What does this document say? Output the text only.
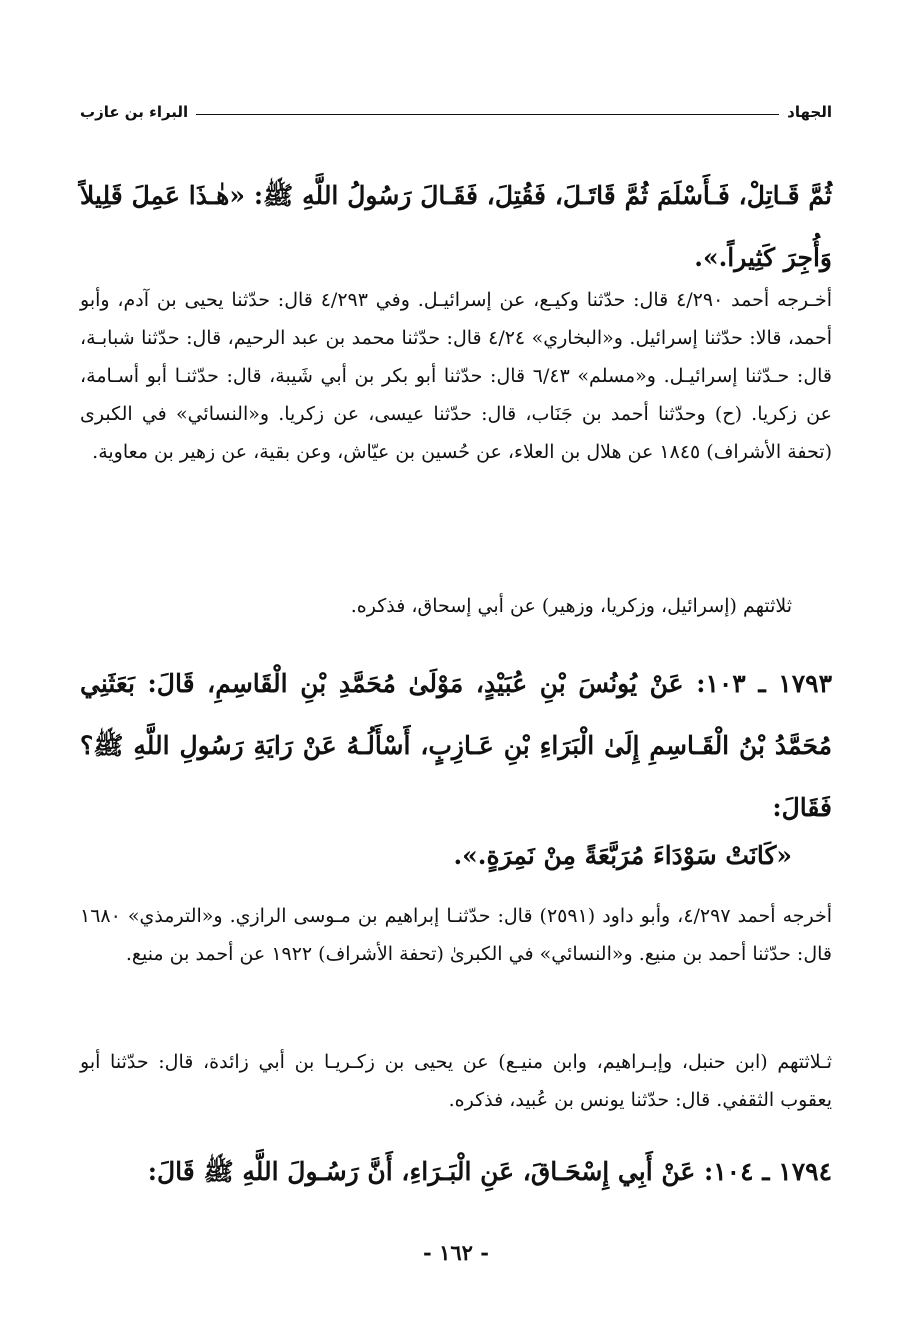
الجهاد
البراء بن عازب

ثُمَّ قَـاتِلْ، فَـأَسْلَمَ ثُمَّ قَاتَـلَ، فَقُتِلَ، فَقَـالَ رَسُولُ اللَّهِ ﷺ: «هٰـذَا عَمِلَ قَلِيلاً وَأُجِرَ كَثِيراً.».

أخـرجه أحمد ٤/٢٩٠ قال: حدّثنا وكيـع، عن إسرائيـل. وفي ٤/٢٩٣ قال: حدّثنا يحيى بن آدم، وأبو أحمد، قالا: حدّثنا إسرائيل. و«البخاري» ٤/٢٤ قال: حدّثنا محمد بن عبد الرحيم، قال: حدّثنا شبابـة، قال: حـدّثنا إسرائيـل. و«مسلم» ٦/٤٣ قال: حدّثنا أبو بكر بن أبي شَيبة، قال: حدّثنـا أبو أسـامة، عن زكريا. (ح) وحدّثنا أحمد بن جَنَاب، قال: حدّثنا عيسى، عن زكريا. و«النسائي» في الكبرى (تحفة الأشراف) ١٨٤٥ عن هلال بن العلاء، عن حُسين بن عيّاش، وعن بقية، عن زهير بن معاوية.

ثلاثتهم (إسرائيل، وزكريا، وزهير) عن أبي إسحاق، فذكره.

١٧٩٣ ـ ١٠٣: عَنْ يُونُسَ بْنِ عُبَيْدٍ، مَوْلَىٰ مُحَمَّدِ بْنِ الْقَاسِمِ، قَالَ: بَعَثَنِي مُحَمَّدُ بْنُ الْقَـاسِمِ إِلَىٰ الْبَرَاءِ بْنِ عَـازِبٍ، أَسْأَلُـهُ عَنْ رَايَةِ رَسُولِ اللَّهِ ﷺ؟ فَقَالَ:

«كَانَتْ سَوْدَاءَ مُرَبَّعَةً مِنْ نَمِرَةٍ.».

أخرجه أحمد ٤/٢٩٧، وأبو داود (٢٥٩١) قال: حدّثنـا إبراهيم بن مـوسى الرازي. و«الترمذي» ١٦٨٠ قال: حدّثنا أحمد بن منيع. و«النسائي» في الكبرىٰ (تحفة الأشراف) ١٩٢٢ عن أحمد بن منيع.

ثـلاثتهم (ابن حنبل، وإبـراهيم، وابن منيـع) عن يحيى بن زكـريـا بن أبي زائدة، قال: حدّثنا أبو يعقوب الثقفي. قال: حدّثنا يونس بن عُبيد، فذكره.

١٧٩٤ ـ ١٠٤: عَنْ أَبِي إِسْحَـاقَ، عَنِ الْبَـرَاءِ، أَنَّ رَسُـولَ اللَّهِ ﷺ قَالَ:

- ١٦٢ -
